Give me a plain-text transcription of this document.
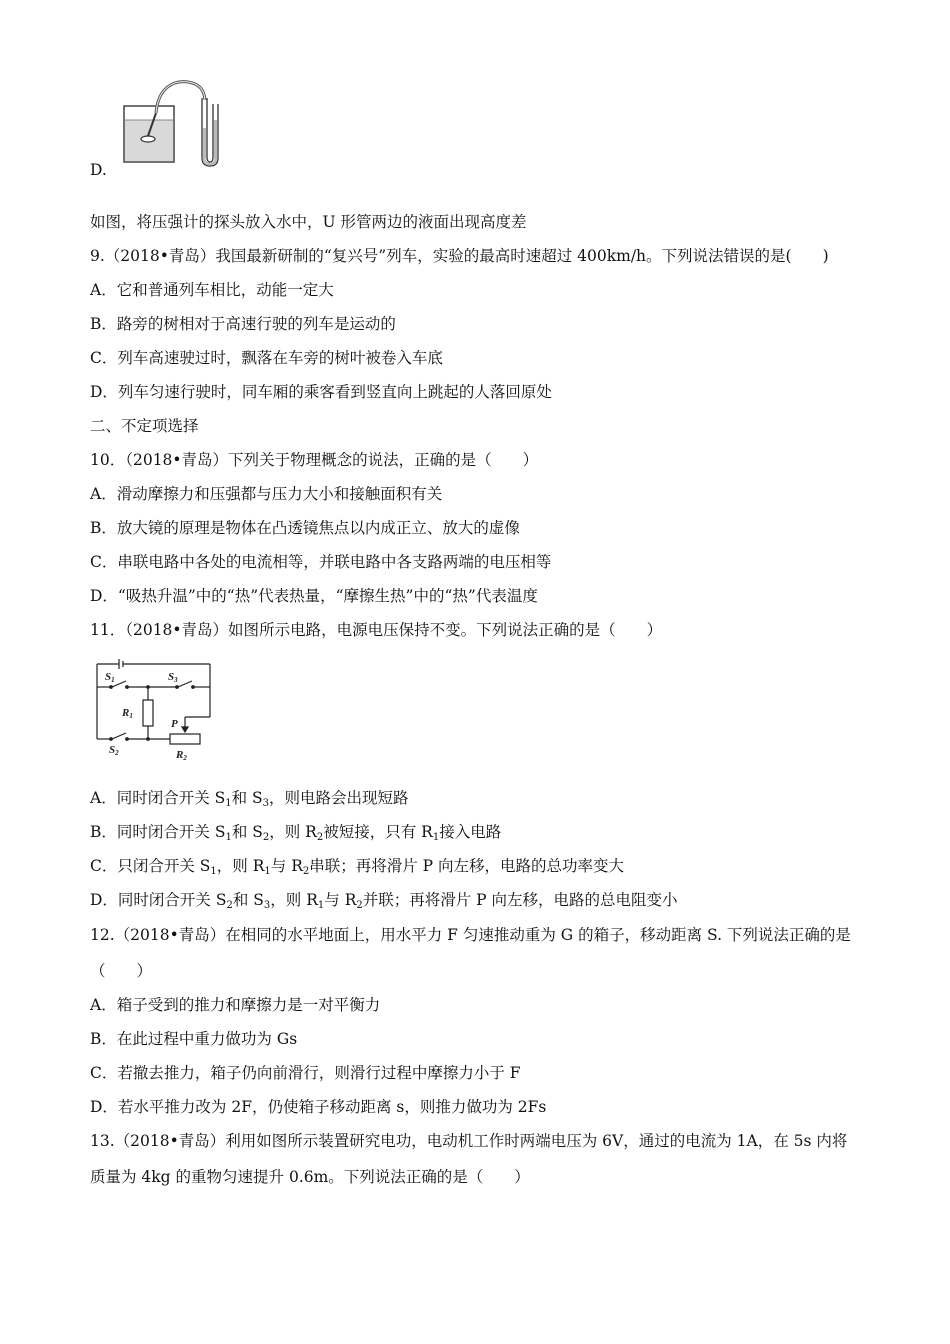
D.
如图，将压强计的探头放入水中，U 形管两边的液面出现高度差
9.（2018•青岛）我国最新研制的“复兴号”列车，实验的最高时速超过 400km/h。下列说法错误的是(　　)
A．它和普通列车相比，动能一定大
B．路旁的树相对于高速行驶的列车是运动的
C．列车高速驶过时，飘落在车旁的树叶被卷入车底
D．列车匀速行驶时，同车厢的乘客看到竖直向上跳起的人落回原处
二、不定项选择
10．（2018•青岛）下列关于物理概念的说法，正确的是（　　）
A．滑动摩擦力和压强都与压力大小和接触面积有关
B．放大镜的原理是物体在凸透镜焦点以内成正立、放大的虚像
C．串联电路中各处的电流相等，并联电路中各支路两端的电压相等
D．“吸热升温”中的“热”代表热量，“摩擦生热”中的“热”代表温度
11．（2018•青岛）如图所示电路，电源电压保持不变。下列说法正确的是（　　）
S1	S3
R1
S2
P
R2
A．同时闭合开关 $S_1$和 $S_3$，则电路会出现短路
B．同时闭合开关 $S_1$和 $S_2$，则 $R_2$被短接，只有 $R_1$接入电路
C．只闭合开关 $S_1$，则 $R_1$与 $R_2$串联；再将滑片 P 向左移，电路的总功率变大
D．同时闭合开关 $S_2$和 $S_3$，则 $R_1$与 $R_2$并联；再将滑片 P 向左移，电路的总电阻变小
12.（2018•青岛）在相同的水平地面上，用水平力 F 匀速推动重为 G 的箱子，移动距离 S. 下列说法正确的是
（　　）
A．箱子受到的推力和摩擦力是一对平衡力
B．在此过程中重力做功为 Gs
C．若撤去推力，箱子仍向前滑行，则滑行过程中摩擦力小于 F
D．若水平推力改为 2F，仍使箱子移动距离 s，则推力做功为 2Fs
13.（2018•青岛）利用如图所示装置研究电功，电动机工作时两端电压为 6V，通过的电流为 1A，在 5s 内将
质量为 4kg 的重物匀速提升 0.6m。下列说法正确的是（　　）
